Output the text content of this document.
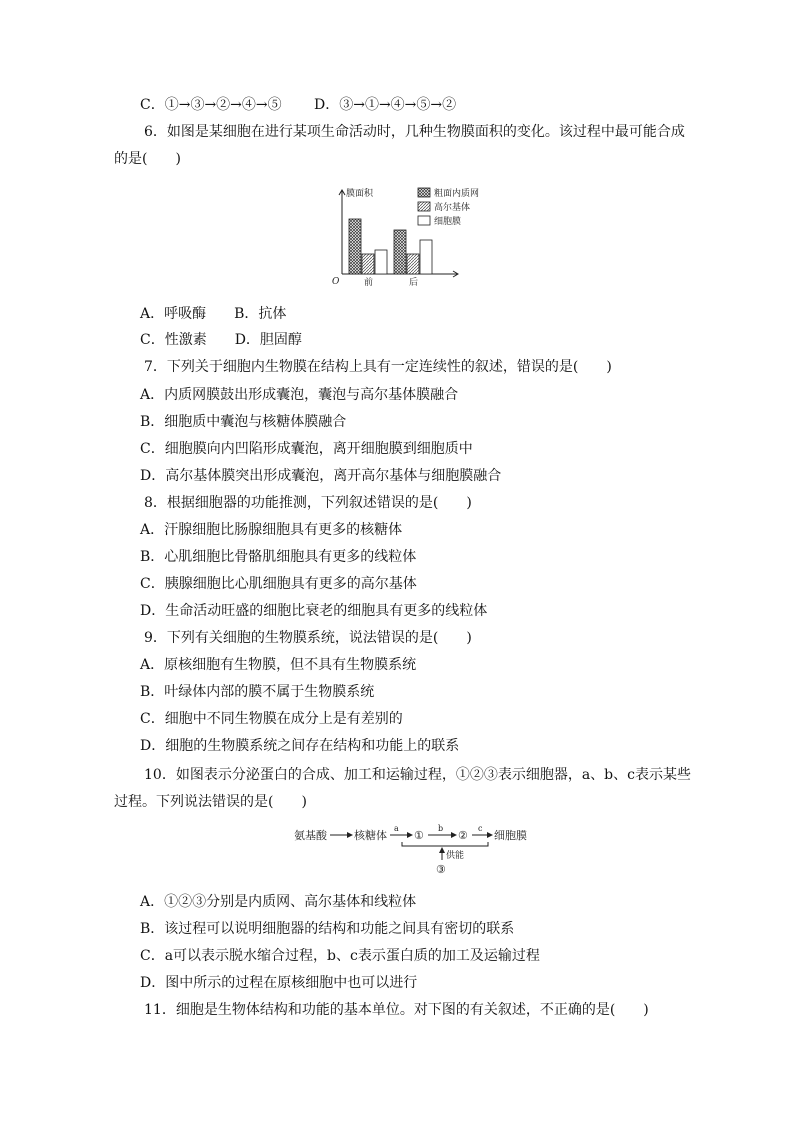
C．①→③→②→④→⑤ D．③→①→④→⑤→②
6．如图是某细胞在进行某项生命活动时，几种生物膜面积的变化。该过程中最可能合成
的是(　　)
膜面积
O	前	后
粗面内质网
高尔基体
细胞膜
A．呼吸酶　　B．抗体
C．性激素　　D．胆固醇
7．下列关于细胞内生物膜在结构上具有一定连续性的叙述，错误的是(　　)
A．内质网膜鼓出形成囊泡，囊泡与高尔基体膜融合
B．细胞质中囊泡与核糖体膜融合
C．细胞膜向内凹陷形成囊泡，离开细胞膜到细胞质中
D．高尔基体膜突出形成囊泡，离开高尔基体与细胞膜融合
8．根据细胞器的功能推测，下列叙述错误的是(　　)
A．汗腺细胞比肠腺细胞具有更多的核糖体
B．心肌细胞比骨骼肌细胞具有更多的线粒体
C．胰腺细胞比心肌细胞具有更多的高尔基体
D．生命活动旺盛的细胞比衰老的细胞具有更多的线粒体
9．下列有关细胞的生物膜系统，说法错误的是(　　)
A．原核细胞有生物膜，但不具有生物膜系统
B．叶绿体内部的膜不属于生物膜系统
C．细胞中不同生物膜在成分上是有差别的
D．细胞的生物膜系统之间存在结构和功能上的联系
10．如图表示分泌蛋白的合成、加工和运输过程，①②③表示细胞器，a、b、c表示某些
过程。下列说法错误的是(　　)
氨基酸 核糖体
a
①
b
②
c
细胞膜
供能
③
A．①②③分别是内质网、高尔基体和线粒体
B．该过程可以说明细胞器的结构和功能之间具有密切的联系
C．a可以表示脱水缩合过程，b、c表示蛋白质的加工及运输过程
D．图中所示的过程在原核细胞中也可以进行
11．细胞是生物体结构和功能的基本单位。对下图的有关叙述，不正确的是(　　)
